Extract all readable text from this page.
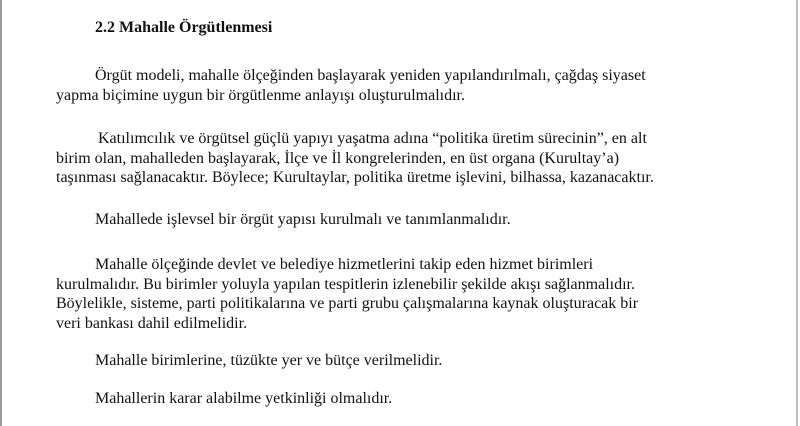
2.2 Mahalle Örgütlenmesi

Örgüt modeli, mahalle ölçeğinden başlayarak yeniden yapılandırılmalı, çağdaş siyaset
yapma biçimine uygun bir örgütlenme anlayışı oluşturulmalıdır.

Katılımcılık ve örgütsel güçlü yapıyı yaşatma adına “politika üretim sürecinin”, en alt
birim olan, mahalleden başlayarak, İlçe ve İl kongrelerinden, en üst organa (Kurultay’a)
taşınması sağlanacaktır. Böylece; Kurultaylar, politika üretme işlevini, bilhassa, kazanacaktır.

Mahallede işlevsel bir örgüt yapısı kurulmalı ve tanımlanmalıdır.

Mahalle ölçeğinde devlet ve belediye hizmetlerini takip eden hizmet birimleri
kurulmalıdır. Bu birimler yoluyla yapılan tespitlerin izlenebilir şekilde akışı sağlanmalıdır.
Böylelikle, sisteme, parti politikalarına ve parti grubu çalışmalarına kaynak oluşturacak bir
veri bankası dahil edilmelidir.

Mahalle birimlerine, tüzükte yer ve bütçe verilmelidir.

Mahallerin karar alabilme yetkinliği olmalıdır.
